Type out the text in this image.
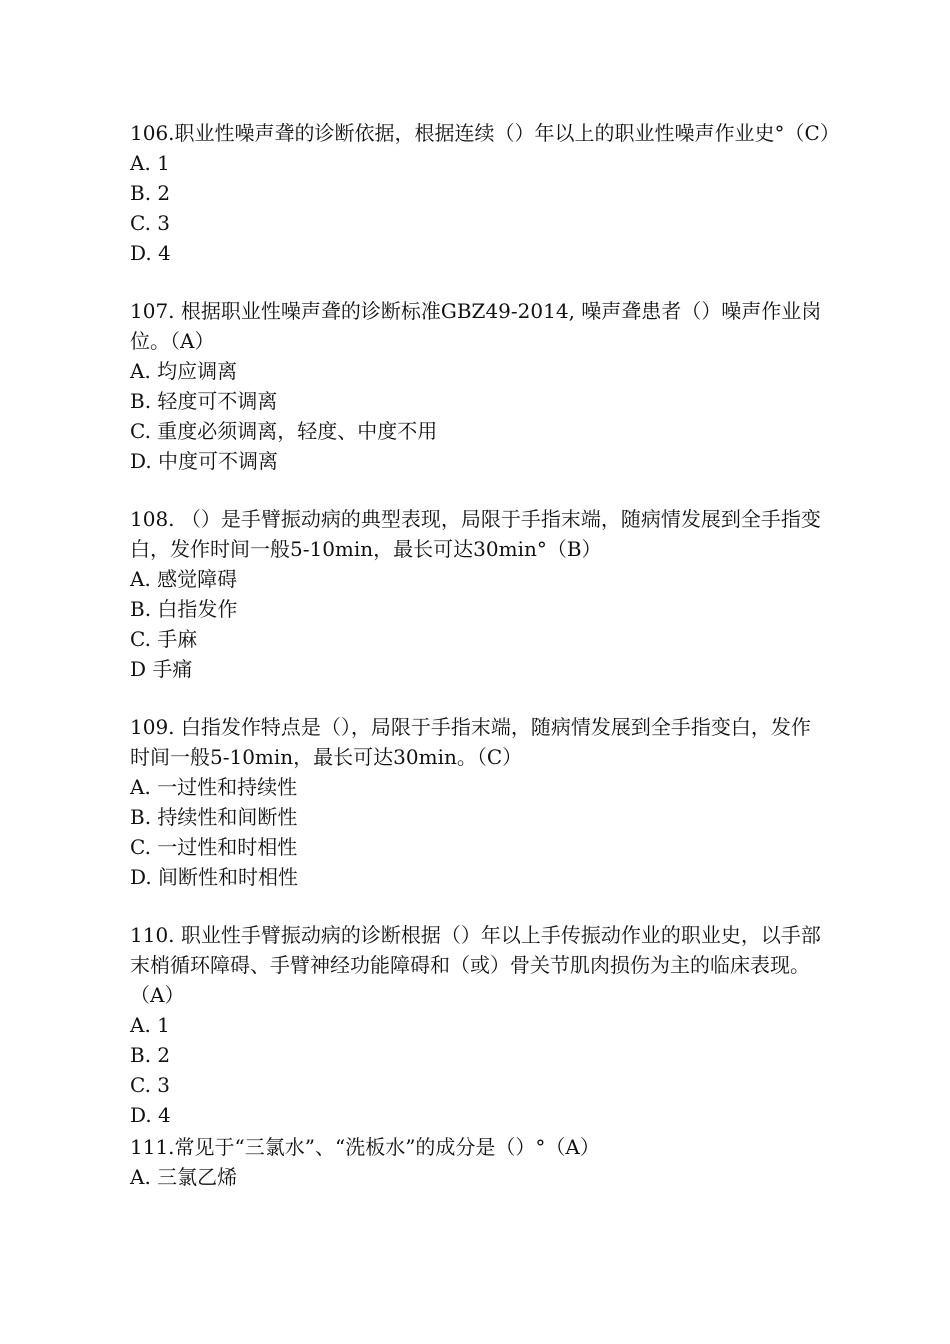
106.职业性噪声聋的诊断依据，根据连续（）年以上的职业性噪声作业史°（C）

A. 1

B. 2

C. 3

D. 4

107. 根据职业性噪声聋的诊断标准GBZ49-2014, 噪声聋患者（）噪声作业岗位。（A）

A. 均应调离

B. 轻度可不调离

C. 重度必须调离，轻度、中度不用

D. 中度可不调离

108. （）是手臂振动病的典型表现，局限于手指末端，随病情发展到全手指变白，发作时间一般5-10min，最长可达30min°（B）

A. 感觉障碍

B. 白指发作

C. 手麻

D 手痛

109. 白指发作特点是（），局限于手指末端，随病情发展到全手指变白，发作时间一般5-10min，最长可达30min。（C）

A. 一过性和持续性

B. 持续性和间断性

C. 一过性和时相性

D. 间断性和时相性

110. 职业性手臂振动病的诊断根据（）年以上手传振动作业的职业史，以手部末梢循环障碍、手臂神经功能障碍和（或）骨关节肌肉损伤为主的临床表现。（A）

A. 1

B. 2

C. 3

D. 4

111.常见于“三氯水”、“洗板水”的成分是（）°（A）

A. 三氯乙烯
